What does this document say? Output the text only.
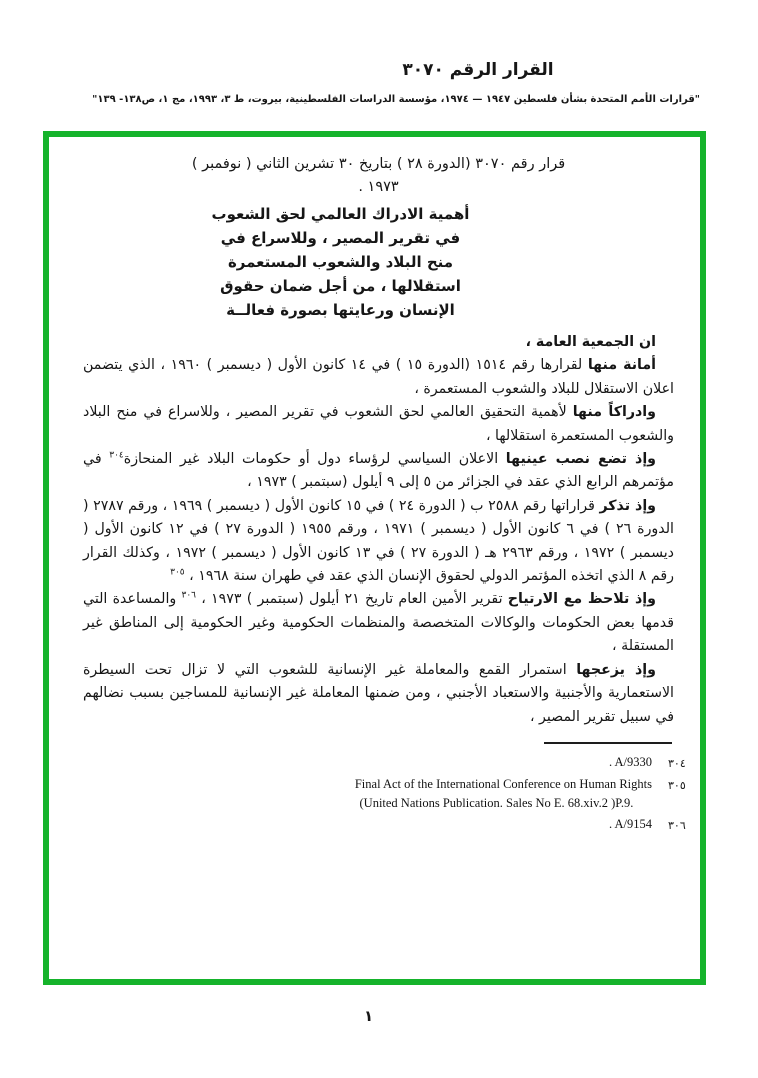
القرار الرقم ٣٠٧٠
"قرارات الأمم المتحدة بشأن فلسطين ١٩٤٧ — ١٩٧٤، مؤسسة الدراسات الفلسطينية، بيروت، ط ٣، ١٩٩٣، مج ١، ص١٣٨- ١٣٩"
قرار رقم ٣٠٧٠ (الدورة ٢٨ ) بتاريخ ٣٠ تشرين الثاني ( نوفمبر )
١٩٧٣ .
أهمية الادراك العالمي لحق الشعوب
في تقرير المصير ، وللاسراع في
منح البلاد والشعوب المستعمرة
استقلالها ، من أجل ضمان حقوق
الإنسان ورعايتها بصورة فعالــة

ان الجمعية العامة ،

أمانة منها لقرارها رقم ١٥١٤ (الدورة ١٥ ) في ١٤ كانون الأول ( ديسمبر ) ١٩٦٠ ، الذي يتضمن اعلان الاستقلال للبلاد والشعوب المستعمرة ،

وادراكاً منها لأهمية التحقيق العالمي لحق الشعوب في تقرير المصير ، وللاسراع في منح البلاد والشعوب المستعمرة استقلالها ،

وإذ تضع نصب عينيها الاعلان السياسي لرؤساء دول أو حكومات البلاد غير المنحازة$^{٣٠٤}$ في مؤتمرهم الرابع الذي عقد في الجزائر من ٥ إلى ٩ أيلول (سبتمبر ) ١٩٧٣ ،

وإذ تذكر قراراتها رقم ٢٥٨٨ ب ( الدورة ٢٤ ) في ١٥ كانون الأول ( ديسمبر ) ١٩٦٩ ، ورقم ٢٧٨٧ ( الدورة ٢٦ ) في ٦ كانون الأول ( ديسمبر ) ١٩٧١ ، ورقم ١٩٥٥ ( الدورة ٢٧ ) في ١٢ كانون الأول ( ديسمبر ) ١٩٧٢ ، ورقم ٢٩٦٣ هـ ( الدورة ٢٧ ) في ١٣ كانون الأول ( ديسمبر ) ١٩٧٢ ، وكذلك القرار رقم ٨ الذي اتخذه المؤتمر الدولي لحقوق الإنسان الذي عقد في طهران سنة ١٩٦٨ ، $^{٣٠٥}$

وإذ تلاحظ مع الارتياح تقرير الأمين العام تاريخ ٢١ أيلول (سبتمبر ) ١٩٧٣ ، $^{٣٠٦}$ والمساعدة التي قدمها بعض الحكومات والوكالات المتخصصة والمنظمات الحكومية وغير الحكومية إلى المناطق غير المستقلة ،

وإذ يزعجها استمرار القمع والمعاملة غير الإنسانية للشعوب التي لا تزال تحت السيطرة الاستعمارية والأجنبية والاستعباد الأجنبي ، ومن ضمنها المعاملة غير الإنسانية للمساجين بسبب نضالهم في سبيل تقرير المصير ،

٣٠٤
. A/9330
٣٠٥
Final Act of the International Conference on Human Rights
(United Nations Publication. Sales No E. 68.xiv.2 )P.9.
٣٠٦
. A/9154
١
